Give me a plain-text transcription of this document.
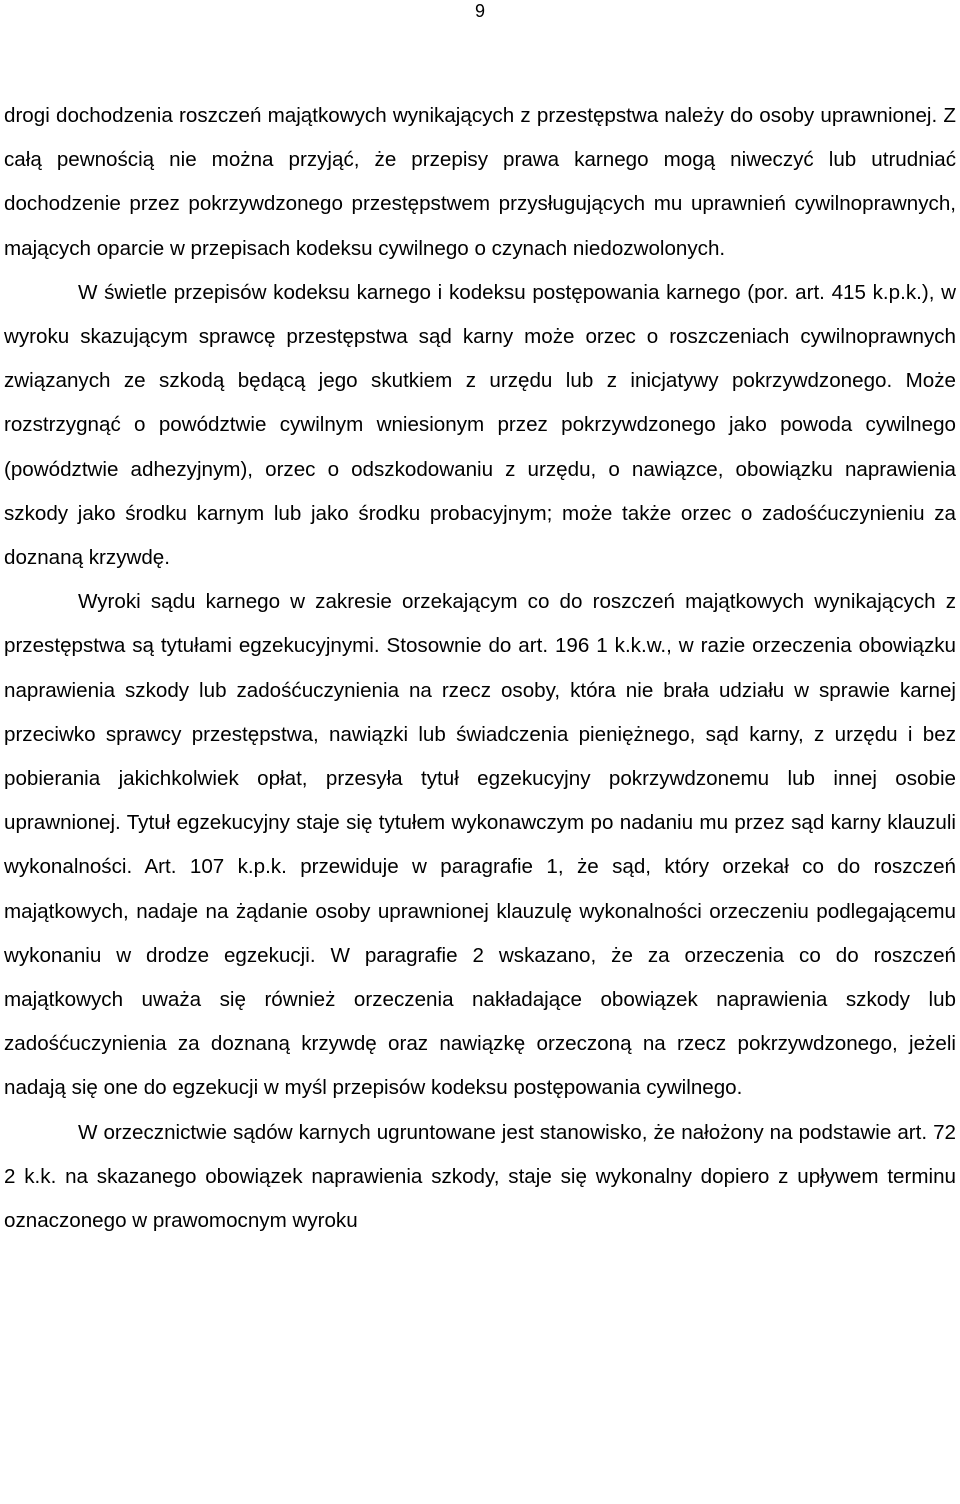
9

drogi dochodzenia roszczeń majątkowych wynikających z przestępstwa należy do osoby uprawnionej. Z całą pewnością nie można przyjąć, że przepisy prawa karnego mogą niweczyć lub utrudniać dochodzenie przez pokrzywdzonego przestępstwem przysługujących mu uprawnień cywilnoprawnych, mających oparcie w przepisach kodeksu cywilnego o czynach niedozwolonych.

W świetle przepisów kodeksu karnego i kodeksu postępowania karnego (por. art. 415 k.p.k.), w wyroku skazującym sprawcę przestępstwa sąd karny może orzec o roszczeniach cywilnoprawnych związanych ze szkodą będącą jego skutkiem z urzędu lub z inicjatywy pokrzywdzonego. Może rozstrzygnąć o powództwie cywilnym wniesionym przez pokrzywdzonego jako powoda cywilnego (powództwie adhezyjnym), orzec o odszkodowaniu z urzędu, o nawiązce, obowiązku naprawienia szkody jako środku karnym lub jako środku probacyjnym; może także orzec o zadośćuczynieniu za doznaną krzywdę.

Wyroki sądu karnego w zakresie orzekającym co do roszczeń majątkowych wynikających z przestępstwa są tytułami egzekucyjnymi. Stosownie do art. 196 1 k.k.w., w razie orzeczenia obowiązku naprawienia szkody lub zadośćuczynienia na rzecz osoby, która nie brała udziału w sprawie karnej przeciwko sprawcy przestępstwa, nawiązki lub świadczenia pieniężnego, sąd karny, z urzędu i bez pobierania jakichkolwiek opłat, przesyła tytuł egzekucyjny pokrzywdzonemu lub innej osobie uprawnionej. Tytuł egzekucyjny staje się tytułem wykonawczym po nadaniu mu przez sąd karny klauzuli wykonalności. Art. 107 k.p.k. przewiduje w paragrafie 1, że sąd, który orzekał co do roszczeń majątkowych, nadaje na żądanie osoby uprawnionej klauzulę wykonalności orzeczeniu podlegającemu wykonaniu w drodze egzekucji. W paragrafie 2 wskazano, że za orzeczenia co do roszczeń majątkowych uważa się również orzeczenia nakładające obowiązek naprawienia szkody lub zadośćuczynienia za doznaną krzywdę oraz nawiązkę orzeczoną na rzecz pokrzywdzonego, jeżeli nadają się one do egzekucji w myśl przepisów kodeksu postępowania cywilnego.

W orzecznictwie sądów karnych ugruntowane jest stanowisko, że nałożony na podstawie art. 72 2 k.k. na skazanego obowiązek naprawienia szkody, staje się wykonalny dopiero z upływem terminu oznaczonego w prawomocnym wyroku
